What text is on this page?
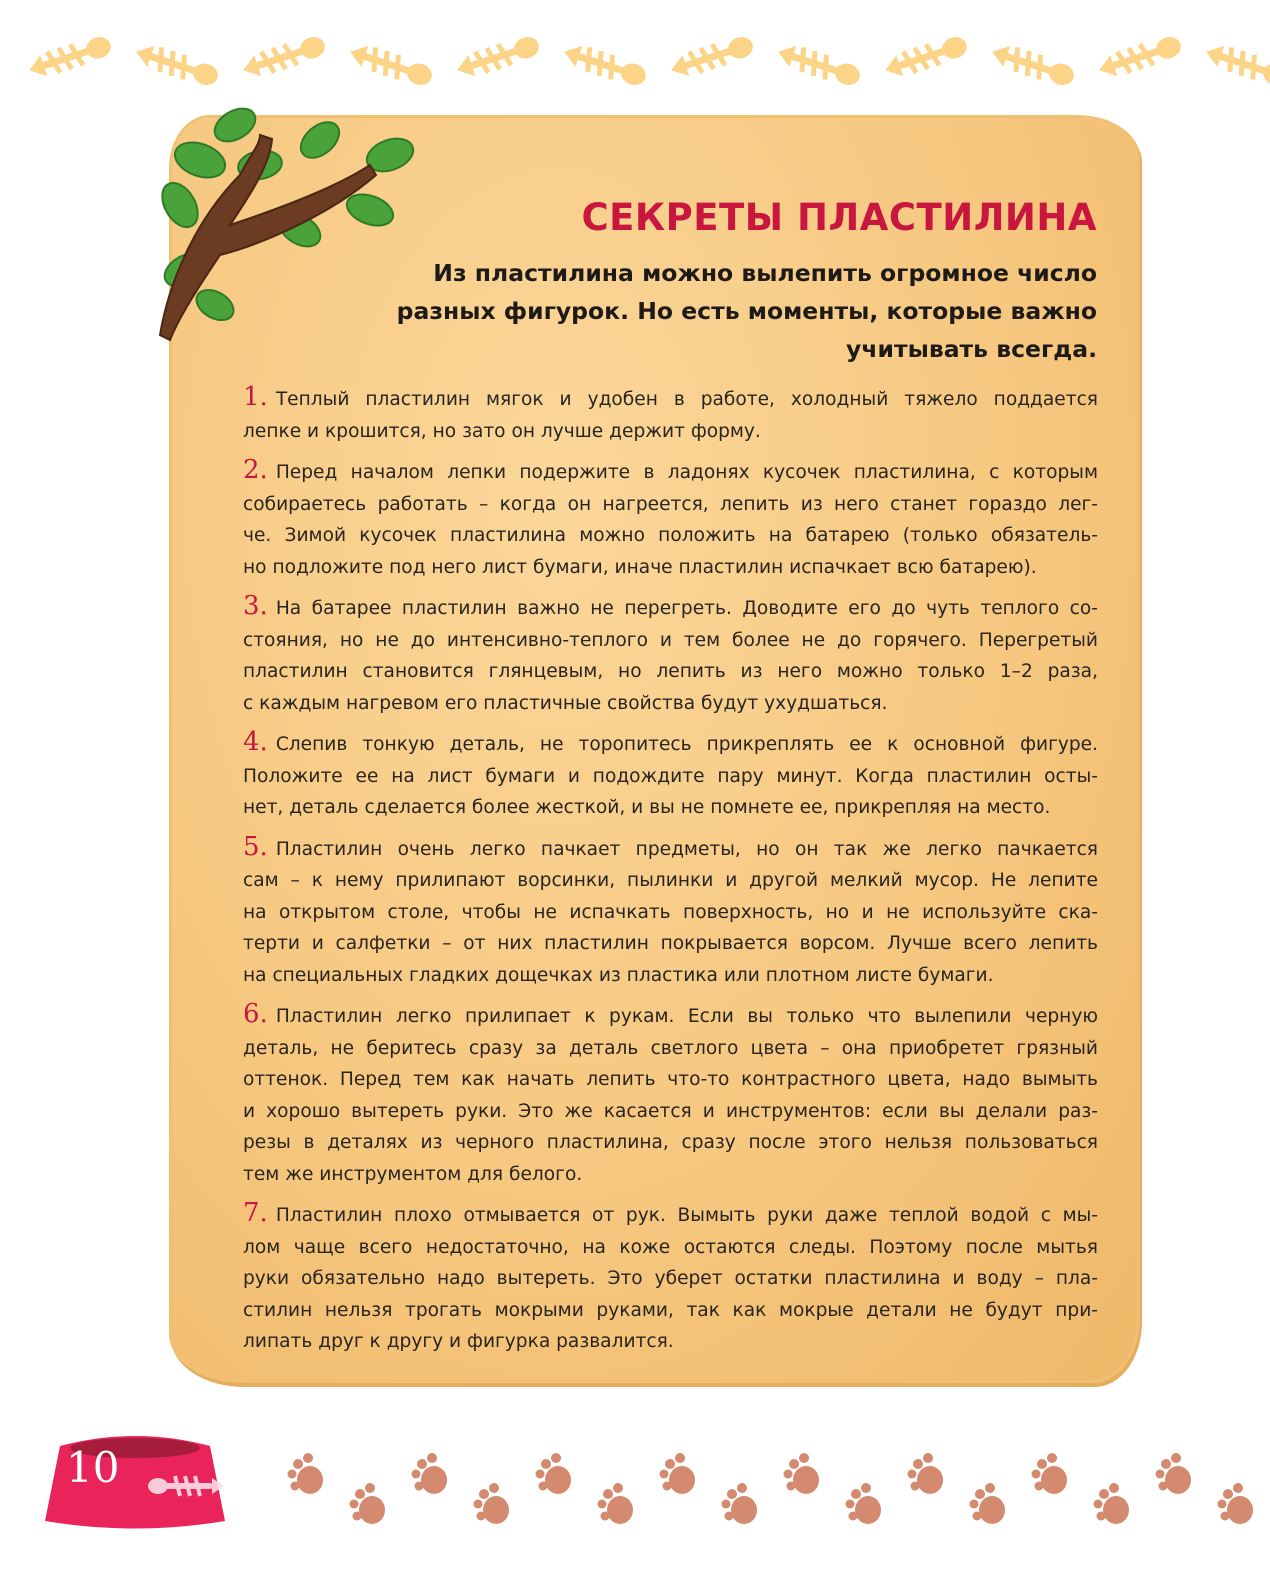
СЕКРЕТЫ ПЛАСТИЛИНА
Из пластилина можно вылепить огромное число
разных фигурок. Но есть моменты, которые важно
учитывать всегда.
1. Теплый пластилин мягок и удобен в работе, холодный тяжело поддается
лепке и крошится, но зато он лучше держит форму.
2. Перед началом лепки подержите в ладонях кусочек пластилина, с которым
собираетесь работать – когда он нагреется, лепить из него станет гораздо лег-
че. Зимой кусочек пластилина можно положить на батарею (только обязатель-
но подложите под него лист бумаги, иначе пластилин испачкает всю батарею).
3. На батарее пластилин важно не перегреть. Доводите его до чуть теплого со-
стояния, но не до интенсивно-теплого и тем более не до горячего. Перегретый
пластилин становится глянцевым, но лепить из него можно только 1–2 раза,
с каждым нагревом его пластичные свойства будут ухудшаться.
4. Слепив тонкую деталь, не торопитесь прикреплять ее к основной фигуре.
Положите ее на лист бумаги и подождите пару минут. Когда пластилин осты-
нет, деталь сделается более жесткой, и вы не помнете ее, прикрепляя на место.
5. Пластилин очень легко пачкает предметы, но он так же легко пачкается
сам – к нему прилипают ворсинки, пылинки и другой мелкий мусор. Не лепите
на открытом столе, чтобы не испачкать поверхность, но и не используйте ска-
терти и салфетки – от них пластилин покрывается ворсом. Лучше всего лепить
на специальных гладких дощечках из пластика или плотном листе бумаги.
6. Пластилин легко прилипает к рукам. Если вы только что вылепили черную
деталь, не беритесь сразу за деталь светлого цвета – она приобретет грязный
оттенок. Перед тем как начать лепить что-то контрастного цвета, надо вымыть
и хорошо вытереть руки. Это же касается и инструментов: если вы делали раз-
резы в деталях из черного пластилина, сразу после этого нельзя пользоваться
тем же инструментом для белого.
7. Пластилин плохо отмывается от рук. Вымыть руки даже теплой водой с мы-
лом чаще всего недостаточно, на коже остаются следы. Поэтому после мытья
руки обязательно надо вытереть. Это уберет остатки пластилина и воду – пла-
стилин нельзя трогать мокрыми руками, так как мокрые детали не будут при-
липать друг к другу и фигурка развалится.
10
